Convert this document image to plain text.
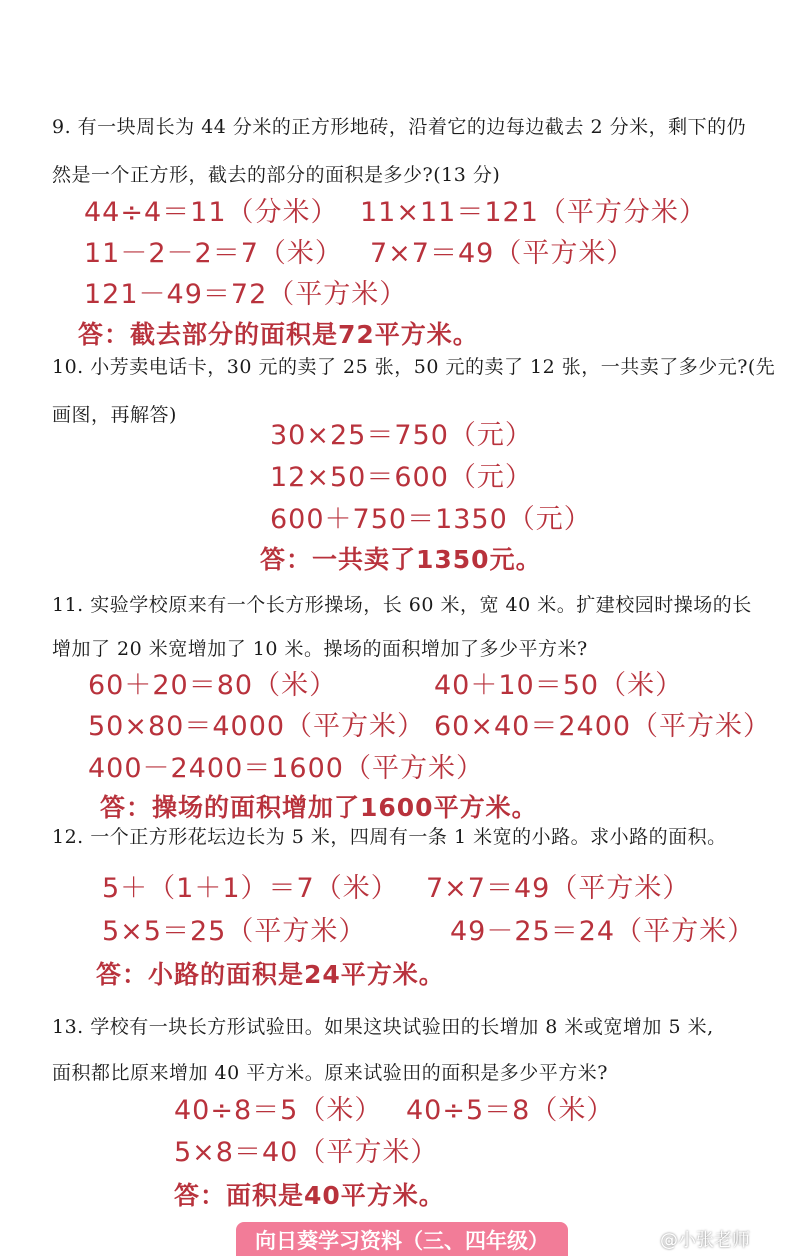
9. 有一块周长为 44 分米的正方形地砖，沿着它的边每边截去 2 分米，剩下的仍
然是一个正方形，截去的部分的面积是多少?(13 分)
44÷4＝11（分米） 11×11＝121（平方分米）
11－2－2＝7（米） 7×7＝49（平方米）
121－49＝72（平方米）
答：截去部分的面积是72平方米。
10. 小芳卖电话卡，30 元的卖了 25 张，50 元的卖了 12 张，一共卖了多少元?(先
画图，再解答)
30×25＝750（元）
12×50＝600（元）
600＋750＝1350（元）
答：一共卖了1350元。
11. 实验学校原来有一个长方形操场，长 60 米，宽 40 米。扩建校园时操场的长
增加了 20 米宽增加了 10 米。操场的面积增加了多少平方米?
60＋20＝80（米）	40＋10＝50（米）
50×80＝4000（平方米） 60×40＝2400（平方米）
400－2400＝1600（平方米）
答：操场的面积增加了1600平方米。
12. 一个正方形花坛边长为 5 米，四周有一条 1 米宽的小路。求小路的面积。
5＋（1＋1）＝7（米） 7×7＝49（平方米）
5×5＝25（平方米）	49－25＝24（平方米）
答：小路的面积是24平方米。
13. 学校有一块长方形试验田。如果这块试验田的长增加 8 米或宽增加 5 米,
面积都比原来增加 40 平方米。原来试验田的面积是多少平方米?
40÷8＝5（米） 40÷5＝8（米）
5×8＝40（平方米）
答：面积是40平方米。
向日葵学习资料（三、四年级）	@小张老师
